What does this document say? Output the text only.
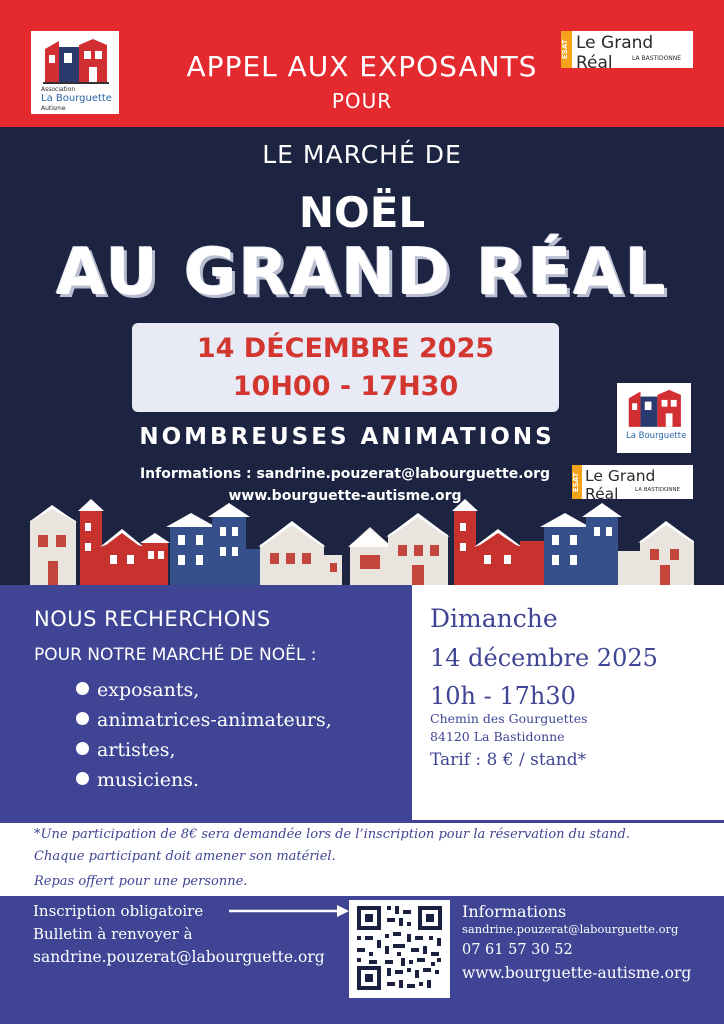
Association
La Bourguette
Autisme
ESAT Le Grand Réal	LA BASTIDONNE
APPEL AUX EXPOSANTS
POUR
LE MARCHÉ DE
NOËL
AU GRAND RÉAL
14 DÉCEMBRE 2025
10H00 - 17H30
NOMBREUSES ANIMATIONS
Informations : sandrine.pouzerat@labourguette.org
www.bourguette-autisme.org
La Bourguette
ESAT Le Grand Réal	LA BASTIDONNE
NOUS RECHERCHONS
POUR NOTRE MARCHÉ DE NOËL :
exposants,
animatrices-animateurs,
artistes,
musiciens.
Dimanche
14 décembre 2025
10h - 17h30
Chemin des Gourguettes
84120 La Bastidonne
Tarif : 8 € / stand*
*Une participation de 8€ sera demandée lors de l’inscription pour la réservation du stand.
Chaque participant doit amener son matériel.
Repas offert pour une personne.
Inscription obligatoire
Bulletin à renvoyer à
sandrine.pouzerat@labourguette.org
Informations
sandrine.pouzerat@labourguette.org
07 61 57 30 52
www.bourguette-autisme.org
